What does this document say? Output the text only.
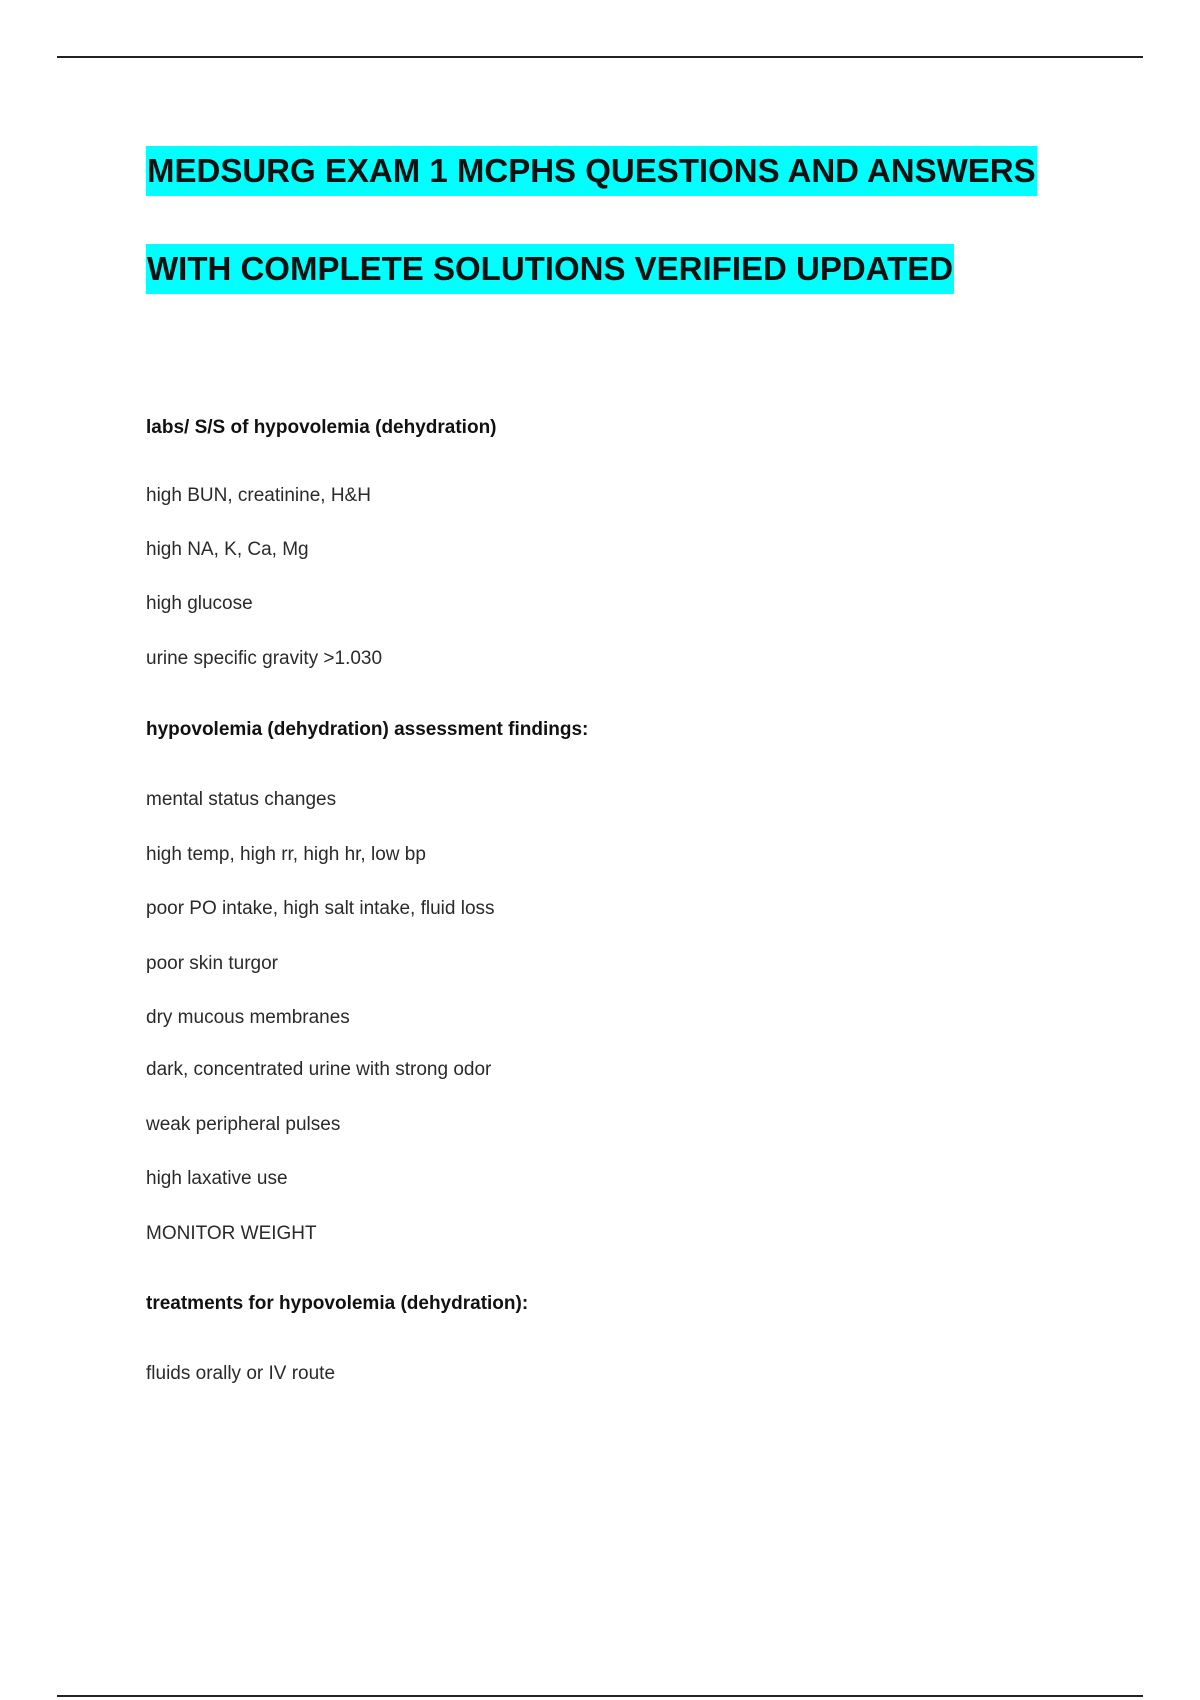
MEDSURG EXAM 1 MCPHS QUESTIONS AND ANSWERS
WITH COMPLETE SOLUTIONS VERIFIED UPDATED
labs/ S/S of hypovolemia (dehydration)
high BUN, creatinine, H&H
high NA, K, Ca, Mg
high glucose
urine specific gravity >1.030
hypovolemia (dehydration) assessment findings:
mental status changes
high temp, high rr, high hr, low bp
poor PO intake, high salt intake, fluid loss
poor skin turgor
dry mucous membranes
dark, concentrated urine with strong odor
weak peripheral pulses
high laxative use
MONITOR WEIGHT
treatments for hypovolemia (dehydration):
fluids orally or IV route
